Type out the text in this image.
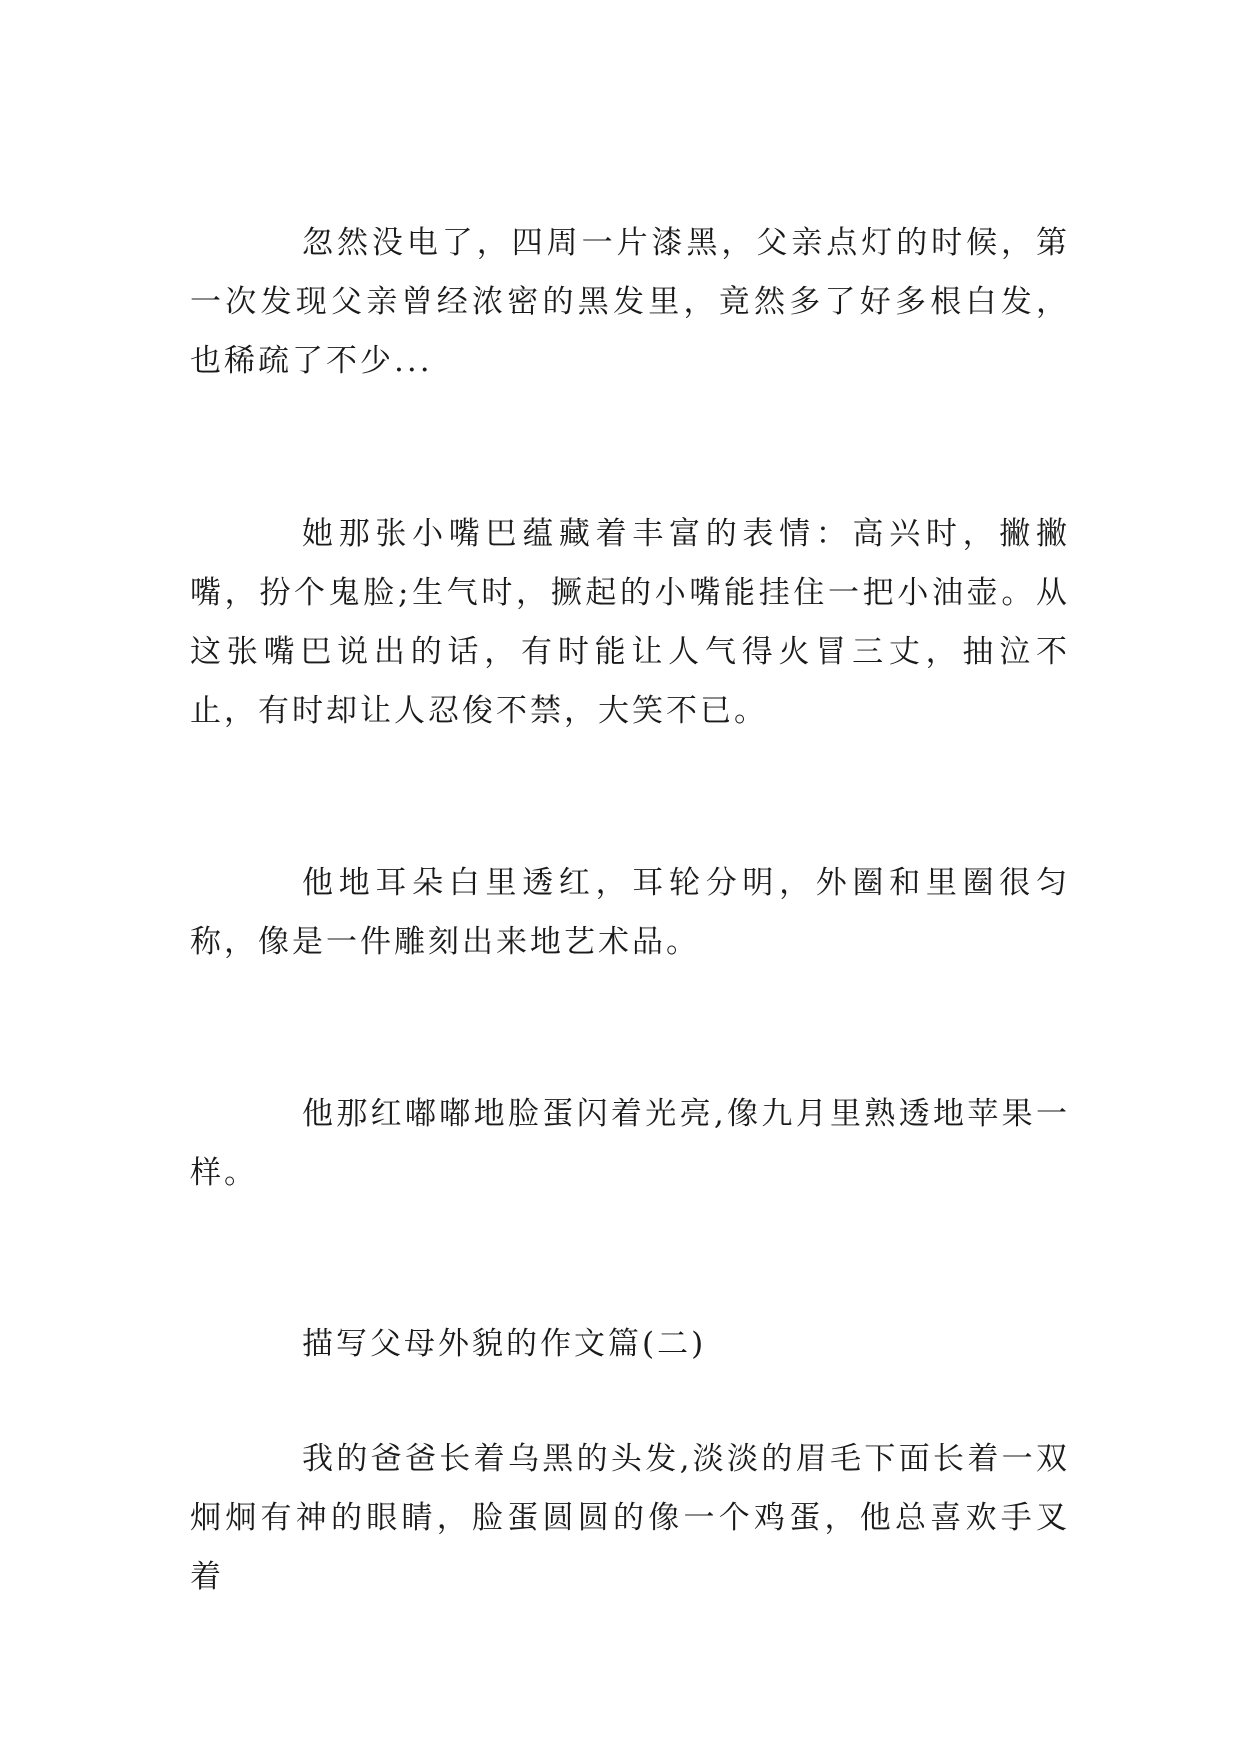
忽然没电了，四周一片漆黑，父亲点灯的时候，第一次发现父亲曾经浓密的黑发里，竟然多了好多根白发，也稀疏了不少...

她那张小嘴巴蕴藏着丰富的表情：高兴时，撇撇嘴，扮个鬼脸;生气时，撅起的小嘴能挂住一把小油壶。从这张嘴巴说出的话，有时能让人气得火冒三丈，抽泣不止，有时却让人忍俊不禁，大笑不已。

他地耳朵白里透红，耳轮分明，外圈和里圈很匀称，像是一件雕刻出来地艺术品。

他那红嘟嘟地脸蛋闪着光亮,像九月里熟透地苹果一样。

描写父母外貌的作文篇(二)

我的爸爸长着乌黑的头发,淡淡的眉毛下面长着一双炯炯有神的眼睛，脸蛋圆圆的像一个鸡蛋，他总喜欢手叉着
